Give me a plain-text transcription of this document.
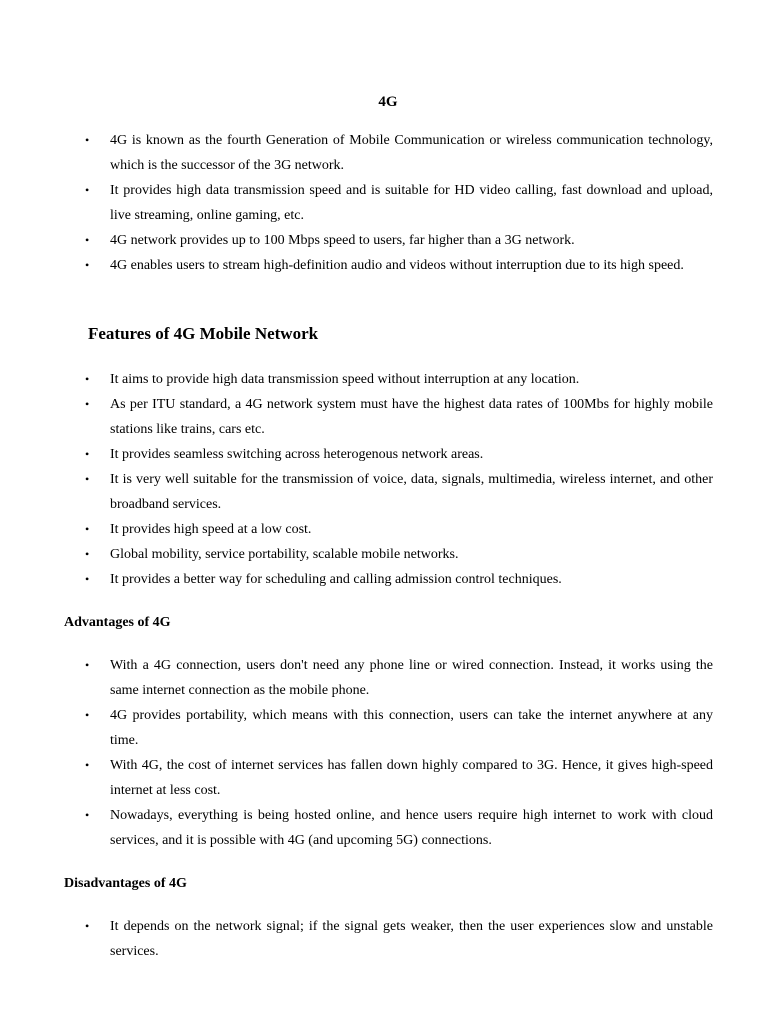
4G
• 4G is known as the fourth Generation of Mobile Communication or wireless communication technology, which is the successor of the 3G network.
• It provides high data transmission speed and is suitable for HD video calling, fast download and upload, live streaming, online gaming, etc.
• 4G network provides up to 100 Mbps speed to users, far higher than a 3G network.
• 4G enables users to stream high-definition audio and videos without interruption due to its high speed.
Features of 4G Mobile Network
• It aims to provide high data transmission speed without interruption at any location.
• As per ITU standard, a 4G network system must have the highest data rates of 100Mbs for highly mobile stations like trains, cars etc.
• It provides seamless switching across heterogenous network areas.
• It is very well suitable for the transmission of voice, data, signals, multimedia, wireless internet, and other broadband services.
• It provides high speed at a low cost.
• Global mobility, service portability, scalable mobile networks.
• It provides a better way for scheduling and calling admission control techniques.
Advantages of 4G
• With a 4G connection, users don't need any phone line or wired connection. Instead, it works using the same internet connection as the mobile phone.
• 4G provides portability, which means with this connection, users can take the internet anywhere at any time.
• With 4G, the cost of internet services has fallen down highly compared to 3G. Hence, it gives high-speed internet at less cost.
• Nowadays, everything is being hosted online, and hence users require high internet to work with cloud services, and it is possible with 4G (and upcoming 5G) connections.
Disadvantages of 4G
• It depends on the network signal; if the signal gets weaker, then the user experiences slow and unstable services.
